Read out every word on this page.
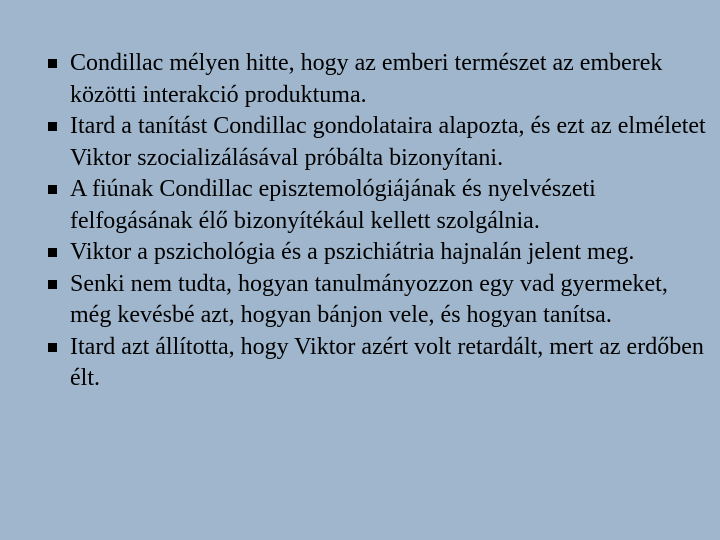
Condillac mélyen hitte, hogy az emberi természet az emberek közötti interakció produktuma.
Itard a tanítást Condillac gondolataira alapozta, és ezt az elméletet Viktor szocializálásával próbálta bizonyítani.
A fiúnak Condillac episztemológiájának és nyelvészeti felfogásának élő bizonyítékául kellett szolgálnia.
Viktor a pszichológia és a pszichiátria hajnalán jelent meg.
Senki nem tudta, hogyan tanulmányozzon egy vad gyermeket, még kevésbé azt, hogyan bánjon vele, és hogyan tanítsa.
Itard azt állította, hogy Viktor azért volt retardált, mert az erdőben élt.
